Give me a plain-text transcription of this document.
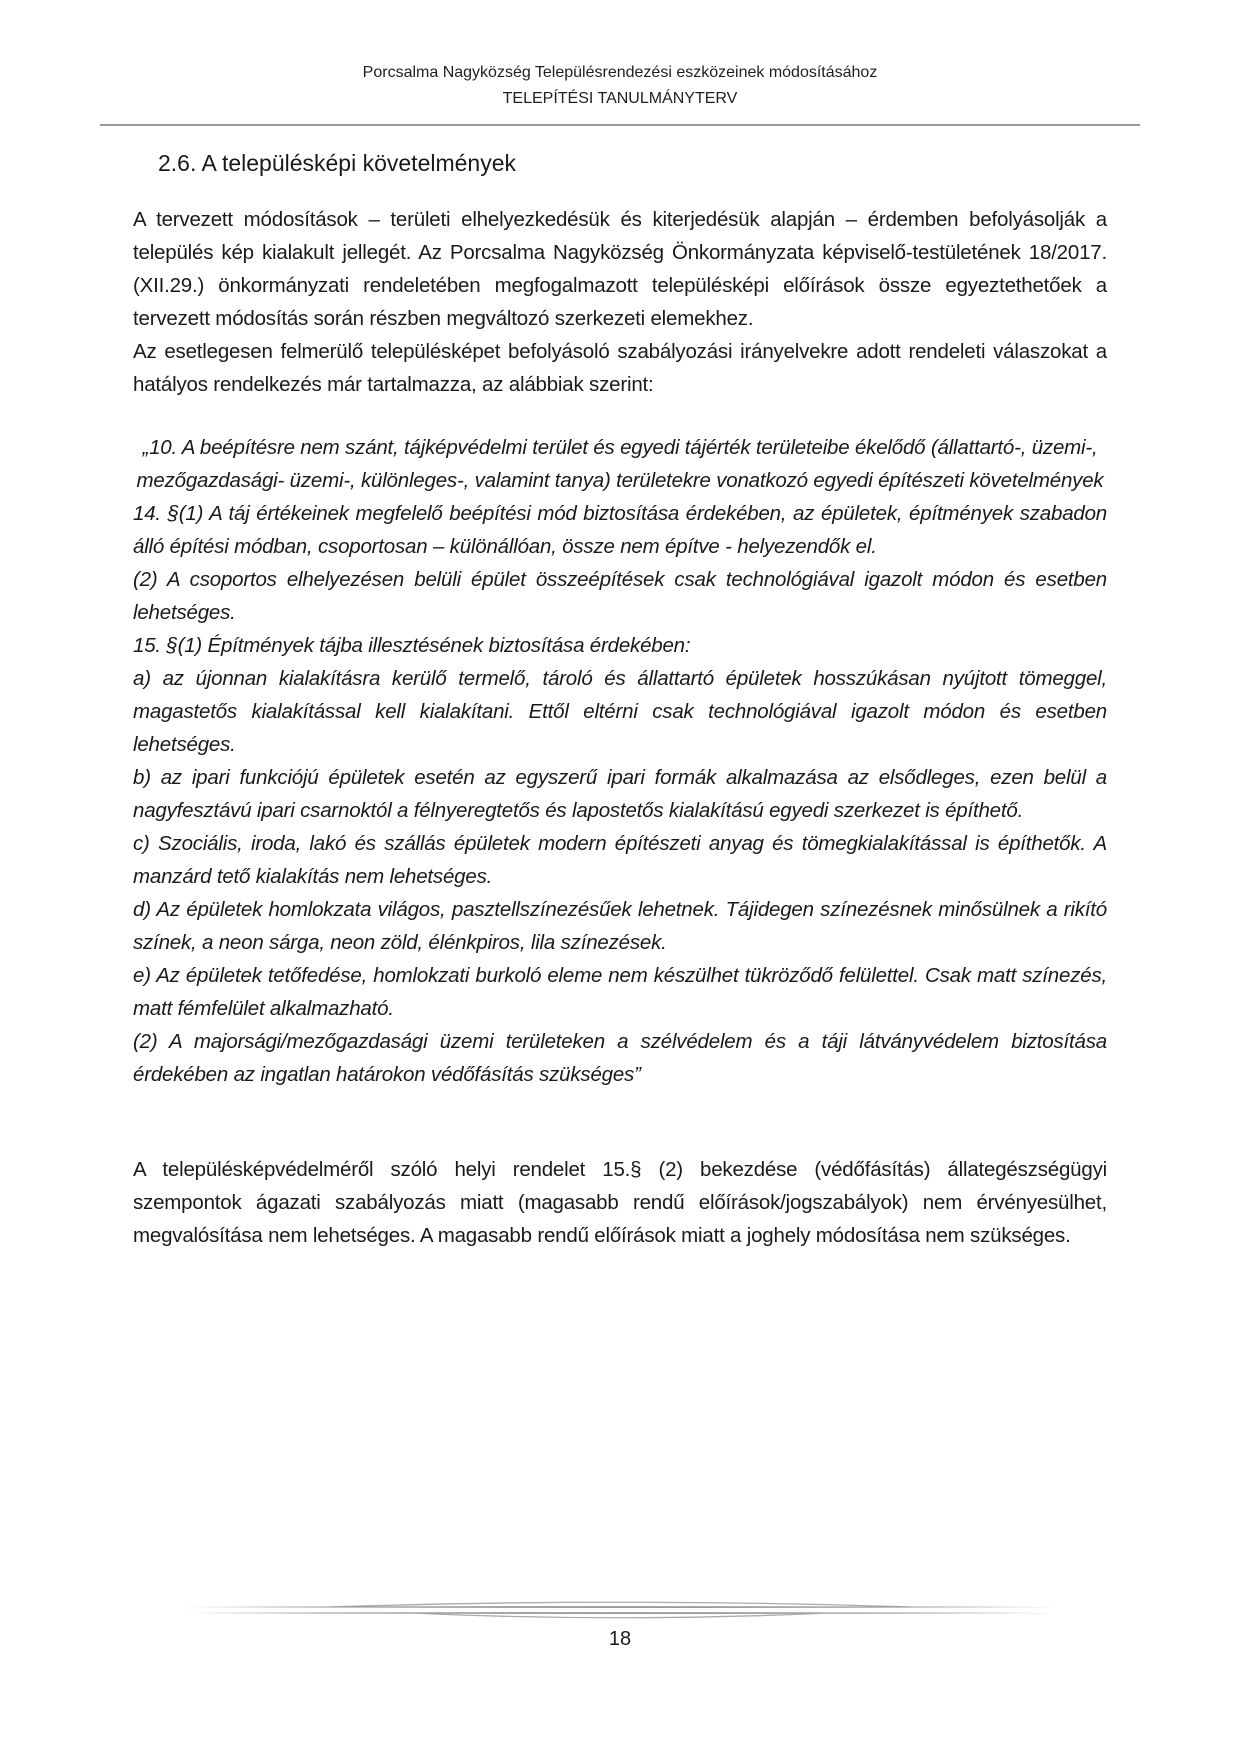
Porcsalma Nagyközség Településrendezési eszközeinek módosításához
TELEPÍTÉSI TANULMÁNYTERV
2.6. A településképi követelmények

A tervezett módosítások – területi elhelyezkedésük és kiterjedésük alapján – érdemben befolyásolják a település kép kialakult jellegét. Az Porcsalma Nagyközség Önkormányzata képviselő-testületének 18/2017. (XII.29.) önkormányzati rendeletében megfogalmazott településképi előírások össze egyeztethetőek a tervezett módosítás során részben megváltozó szerkezeti elemekhez.

Az esetlegesen felmerülő településképet befolyásoló szabályozási irányelvekre adott rendeleti válaszokat a hatályos rendelkezés már tartalmazza, az alábbiak szerint:

„10. A beépítésre nem szánt, tájképvédelmi terület és egyedi tájérték területeibe ékelődő (állattartó-, üzemi-, mezőgazdasági- üzemi-, különleges-, valamint tanya) területekre vonatkozó egyedi építészeti követelmények

14. §(1) A táj értékeinek megfelelő beépítési mód biztosítása érdekében, az épületek, építmények szabadon álló építési módban, csoportosan – különállóan, össze nem építve - helyezendők el.

(2) A csoportos elhelyezésen belüli épület összeépítések csak technológiával igazolt módon és esetben lehetséges.

15. §(1) Építmények tájba illesztésének biztosítása érdekében:

a) az újonnan kialakításra kerülő termelő, tároló és állattartó épületek hosszúkásan nyújtott tömeggel, magastetős kialakítással kell kialakítani. Ettől eltérni csak technológiával igazolt módon és esetben lehetséges.

b) az ipari funkciójú épületek esetén az egyszerű ipari formák alkalmazása az elsődleges, ezen belül a nagyfesztávú ipari csarnoktól a félnyeregtetős és lapostetős kialakítású egyedi szerkezet is építhető.

c) Szociális, iroda, lakó és szállás épületek modern építészeti anyag és tömegkialakítással is építhetők. A manzárd tető kialakítás nem lehetséges.

d) Az épületek homlokzata világos, pasztellszínezésűek lehetnek. Tájidegen színezésnek minősülnek a rikító színek, a neon sárga, neon zöld, élénkpiros, lila színezések.

e) Az épületek tetőfedése, homlokzati burkoló eleme nem készülhet tükröződő felülettel. Csak matt színezés, matt fémfelület alkalmazható.

(2) A majorsági/mezőgazdasági üzemi területeken a szélvédelem és a táji látványvédelem biztosítása érdekében az ingatlan határokon védőfásítás szükséges”

A településképvédelméről szóló helyi rendelet 15.§ (2) bekezdése (védőfásítás) állategészségügyi szempontok ágazati szabályozás miatt (magasabb rendű előírások/jogszabályok) nem érvényesülhet, megvalósítása nem lehetséges. A magasabb rendű előírások miatt a joghely módosítása nem szükséges.

18
